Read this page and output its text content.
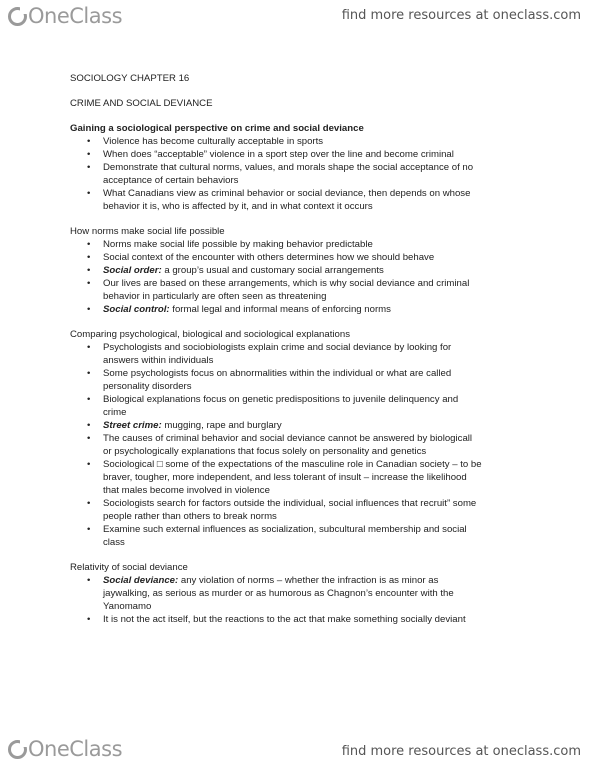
OneClass	find more resources at oneclass.com
SOCIOLOGY CHAPTER 16
CRIME AND SOCIAL DEVIANCE
Gaining a sociological perspective on crime and social deviance
• Violence has become culturally acceptable in sports
• When does “acceptable” violence in a sport step over the line and become criminal
• Demonstrate that cultural norms, values, and morals shape the social acceptance of no
acceptance of certain behaviors
• What Canadians view as criminal behavior or social deviance, then depends on whose
behavior it is, who is affected by it, and in what context it occurs
How norms make social life possible
• Norms make social life possible by making behavior predictable
• Social context of the encounter with others determines how we should behave
• Social order: a group’s usual and customary social arrangements
• Our lives are based on these arrangements, which is why social deviance and criminal
behavior in particularly are often seen as threatening
• Social control: formal legal and informal means of enforcing norms
Comparing psychological, biological and sociological explanations
• Psychologists and sociobiologists explain crime and social deviance by looking for
answers within individuals
• Some psychologists focus on abnormalities within the individual or what are called
personality disorders
• Biological explanations focus on genetic predispositions to juvenile delinquency and
crime
• Street crime: mugging, rape and burglary
• The causes of criminal behavior and social deviance cannot be answered by biologicall
or psychologically explanations that focus solely on personality and genetics
• Sociological □ some of the expectations of the masculine role in Canadian society – to be
braver, tougher, more independent, and less tolerant of insult – increase the likelihood
that males become involved in violence
• Sociologists search for factors outside the individual, social influences that recruit” some
people rather than others to break norms
• Examine such external influences as socialization, subcultural membership and social
class
Relativity of social deviance
• Social deviance: any violation of norms – whether the infraction is as minor as
jaywalking, as serious as murder or as humorous as Chagnon’s encounter with the
Yanomamo
• It is not the act itself, but the reactions to the act that make something socially deviant
OneClass	find more resources at oneclass.com
